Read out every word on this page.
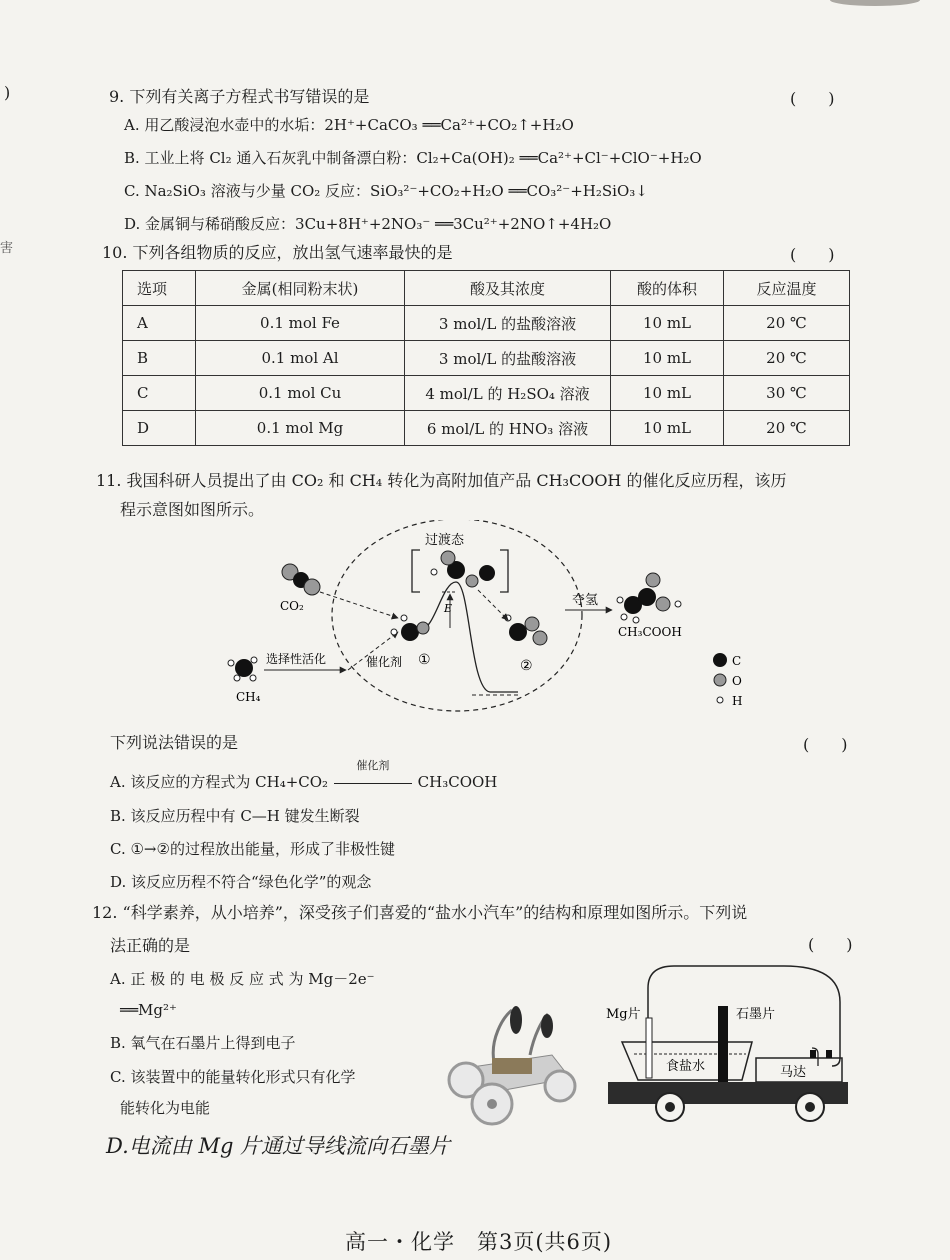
)
害
9. 下列有关离子方程式书写错误的是	(　　)
A. 用乙酸浸泡水壶中的水垢：2H⁺+CaCO₃ ══Ca²⁺+CO₂↑+H₂O
B. 工业上将 Cl₂ 通入石灰乳中制备漂白粉：Cl₂+Ca(OH)₂ ══Ca²⁺+Cl⁻+ClO⁻+H₂O
C. Na₂SiO₃ 溶液与少量 CO₂ 反应：SiO₃²⁻+CO₂+H₂O ══CO₃²⁻+H₂SiO₃↓
D. 金属铜与稀硝酸反应：3Cu+8H⁺+2NO₃⁻ ══3Cu²⁺+2NO↑+4H₂O
10. 下列各组物质的反应，放出氢气速率最快的是	(　　)
选项	金属(相同粉末状)	酸及其浓度	酸的体积	反应温度
A	0.1 mol Fe	3 mol/L 的盐酸溶液	10 mL	20 ℃
B	0.1 mol Al	3 mol/L 的盐酸溶液	10 mL	20 ℃
C	0.1 mol Cu	4 mol/L 的 H₂SO₄ 溶液	10 mL	30 ℃
D	0.1 mol Mg	6 mol/L 的 HNO₃ 溶液	10 mL	20 ℃
11. 我国科研人员提出了由 CO₂ 和 CH₄ 转化为高附加值产品 CH₃COOH 的催化反应历程，该历
程示意图如图所示。
CO₂
CH₄
选择性活化
过渡态
E
催化剂 ①	②
夺氢
CH₃COOH
C
O
H
下列说法错误的是	(　　)
A. 该反应的方程式为 CH₄+CO₂
催化剂
CH₃COOH
B. 该反应历程中有 C—H 键发生断裂
C. ①→②的过程放出能量，形成了非极性键
D. 该反应历程不符合“绿色化学”的观念
12. “科学素养，从小培养”，深受孩子们喜爱的“盐水小汽车”的结构和原理如图所示。下列说
法正确的是	(　　)
A. 正 极 的 电 极 反 应 式 为 Mg－2e⁻
══Mg²⁺
B. 氧气在石墨片上得到电子
C. 该装置中的能量转化形式只有化学
能转化为电能
D.电流由 Mg 片通过导线流向石墨片
Mg片	石墨片
食盐水	马达
高一・化学　第3页(共6页)
